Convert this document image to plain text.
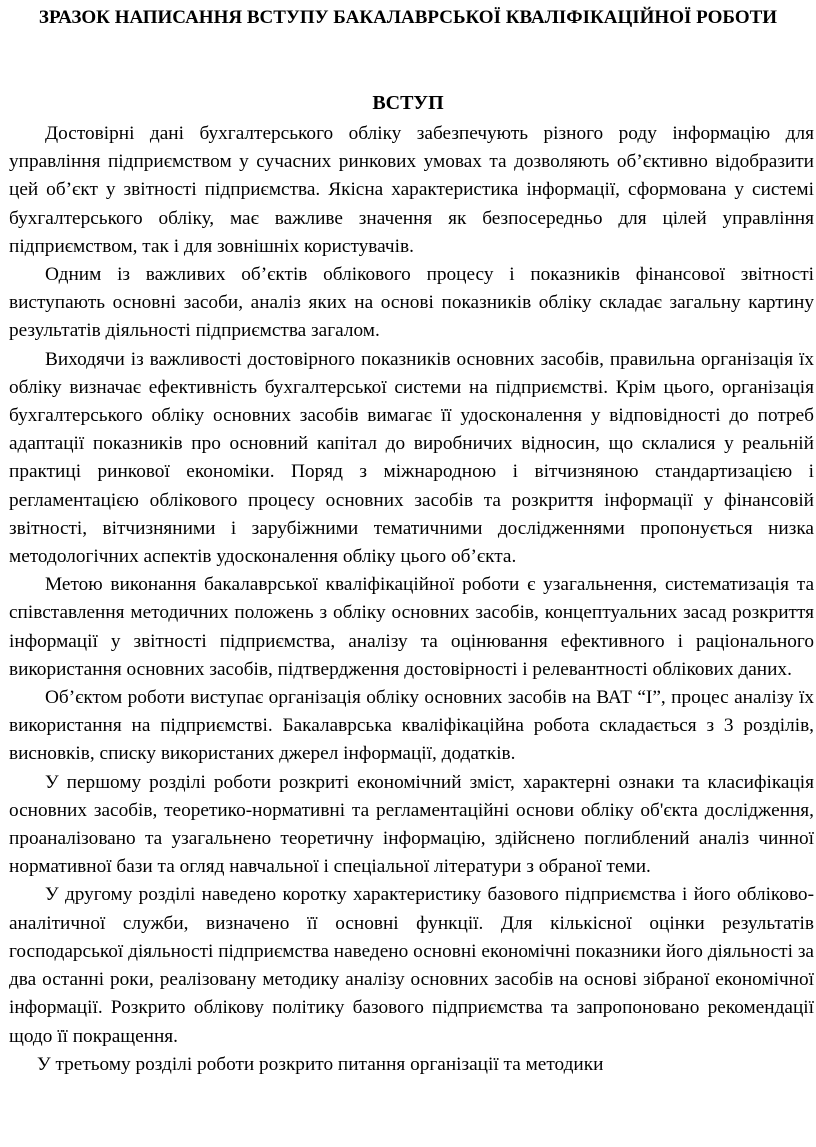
ЗРАЗОК НАПИСАННЯ ВСТУПУ БАКАЛАВРСЬКОЇ КВАЛІФІКАЦІЙНОЇ РОБОТИ
ВСТУП

Достовірні дані бухгалтерського обліку забезпечують різного роду інформацію для управління підприємством у сучасних ринкових умовах та дозволяють об’єктивно відобразити цей об’єкт у звітності підприємства. Якісна характеристика інформації, сформована у системі бухгалтерського обліку, має важливе значення як безпосередньо для цілей управління підприємством, так і для зовнішніх користувачів.

Одним із важливих об’єктів облікового процесу і показників фінансової звітності виступають основні засоби, аналіз яких на основі показників обліку складає загальну картину результатів діяльності підприємства загалом.

Виходячи із важливості достовірного показників основних засобів, правильна організація їх обліку визначає ефективність бухгалтерської системи на підприємстві. Крім цього, організація бухгалтерського обліку основних засобів вимагає її удосконалення у відповідності до потреб адаптації показників про основний капітал до виробничих відносин, що склалися у реальній практиці ринкової економіки. Поряд з міжнародною і вітчизняною стандартизацією і регламентацією облікового процесу основних засобів та розкриття інформації у фінансовій звітності, вітчизняними і зарубіжними тематичними дослідженнями пропонується низка методологічних аспектів удосконалення обліку цього об’єкта.

Метою виконання бакалаврської кваліфікаційної роботи є узагальнення, систематизація та співставлення методичних положень з обліку основних засобів, концептуальних засад розкриття інформації у звітності підприємства, аналізу та оцінювання ефективного і раціонального використання основних засобів, підтвердження достовірності і релевантності облікових даних.

Об’єктом роботи виступає організація обліку основних засобів на ВАТ “І”, процес аналізу їх використання на підприємстві. Бакалаврська кваліфікаційна робота складається з 3 розділів, висновків, списку використаних джерел інформації, додатків.

У першому розділі роботи розкриті економічний зміст, характерні ознаки та класифікація основних засобів, теоретико-нормативні та регламентаційні основи обліку об'єкта дослідження, проаналізовано та узагальнено теоретичну інформацію, здійснено поглиблений аналіз чинної нормативної бази та огляд навчальної і спеціальної літератури з обраної теми.

У другому розділі наведено коротку характеристику базового підприємства і його обліково-аналітичної служби, визначено її основні функції. Для кількісної оцінки результатів господарської діяльності підприємства наведено основні економічні показники його діяльності за два останні роки, реалізовану методику аналізу основних засобів на основі зібраної економічної інформації. Розкрито облікову політику базового підприємства та запропоновано рекомендації щодо її покращення.

У третьому розділі роботи розкрито питання організації та методики
